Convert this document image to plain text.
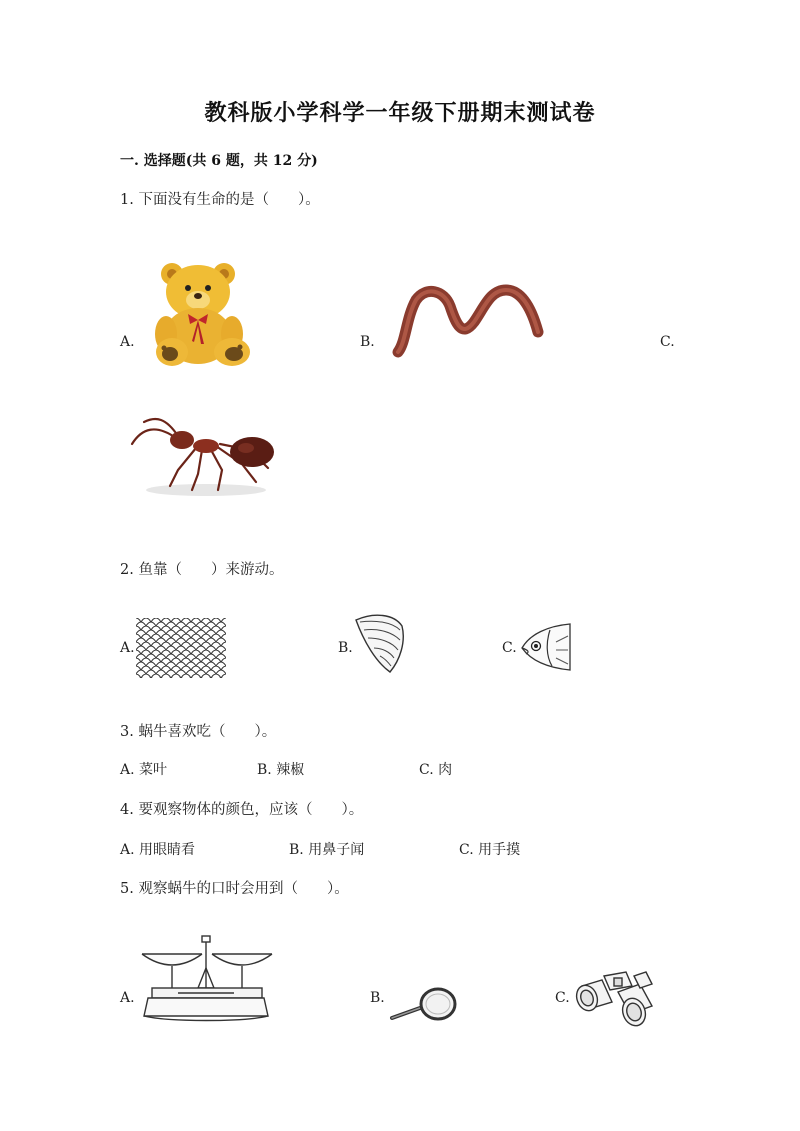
教科版小学科学一年级下册期末测试卷
一. 选择题(共 6 题，共 12 分)
1. 下面没有生命的是（　　）。
A.	B.	C.
2. 鱼靠（　　）来游动。
A.	B.	C.
3. 蜗牛喜欢吃（　　）。
A. 菜叶	B. 辣椒	C. 肉
4. 要观察物体的颜色，应该（　　）。
A. 用眼睛看	B. 用鼻子闻	C. 用手摸
5. 观察蜗牛的口时会用到（　　）。
A.	B.	C.
